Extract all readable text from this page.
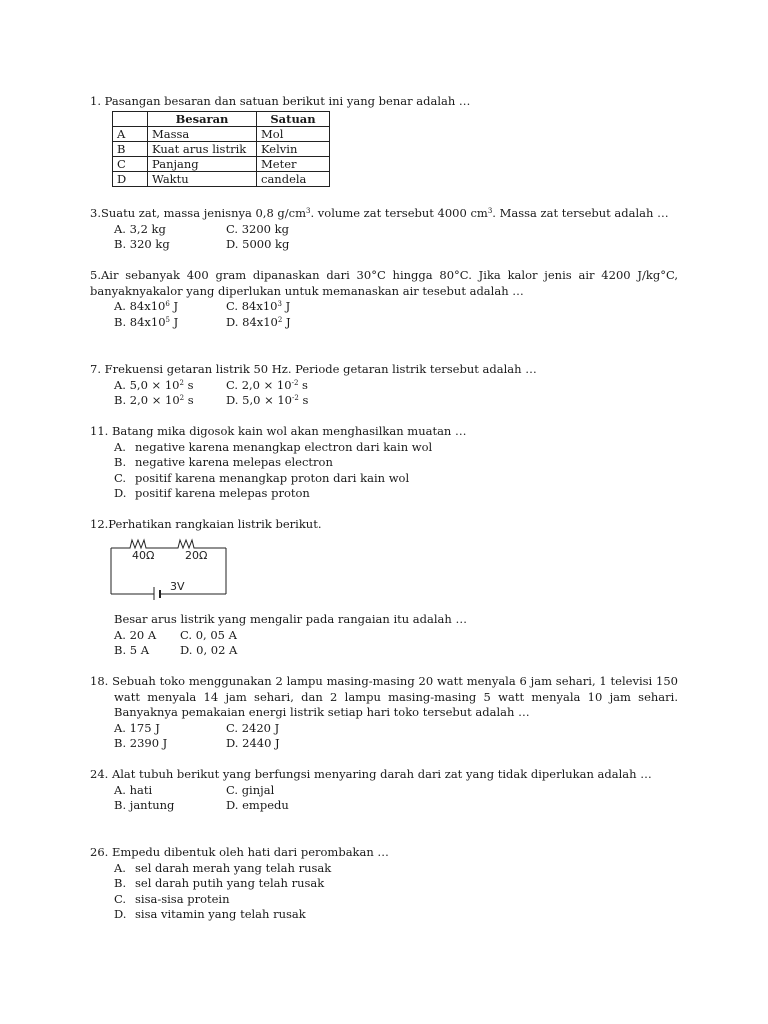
1. Pasangan besaran dan satuan berikut ini yang benar adalah …

	Besaran	Satuan
A	Massa	Mol
B	Kuat arus listrik	Kelvin
C	Panjang	Meter
D	Waktu	candela

3.Suatu zat, massa jenisnya 0,8 $g/cm^3$. volume zat tersebut 4000 $cm^3$. Massa zat tersebut adalah …

A. 3,2 kg	C. 3200 kg
B. 320 kg	D. 5000 kg

5.Air sebanyak 400 gram dipanaskan dari 30°C hingga 80°C. Jika kalor jenis air 4200 J/kg°C, banyaknyakalor yang diperlukan untuk memanaskan air tesebut adalah …

A. $84x10^6$ J	C. $84x10^3$ J
B. $84x10^5$ J	D. $84x10^2$ J

7. Frekuensi getaran listrik 50 Hz. Periode getaran listrik tersebut adalah …

A. $5,0 \times 10^2$ s	C. $2,0 \times 10^{-2}$ s
B. $2,0 \times 10^2$ s	D. $5,0 \times 10^{-2}$ s

11. Batang mika digosok kain wol akan menghasilkan muatan …

A. negative karena menangkap electron dari kain wol
B. negative karena melepas electron
C. positif karena menangkap proton dari kain wol
D. positif karena melepas proton

12.Perhatikan rangkaian listrik berikut.

40Ω	20Ω
3V

Besar arus listrik yang mengalir pada rangaian itu adalah …

A. 20 A	C. 0, 05 A
B. 5 A	D. 0, 02 A

18. Sebuah toko menggunakan 2 lampu masing-masing 20 watt menyala 6 jam sehari, 1 televisi 150 watt menyala 14 jam sehari, dan 2 lampu masing-masing 5 watt menyala 10 jam sehari. Banyaknya pemakaian energi listrik setiap hari toko tersebut adalah …

A. 175 J	C. 2420 J
B. 2390 J	D. 2440 J

24. Alat tubuh berikut yang berfungsi menyaring darah dari zat yang tidak diperlukan adalah …

A. hati	C. ginjal
B. jantung	D. empedu

26. Empedu dibentuk oleh hati dari perombakan …

A. sel darah merah yang telah rusak
B. sel darah putih yang telah rusak
C. sisa-sisa protein
D. sisa vitamin yang telah rusak
